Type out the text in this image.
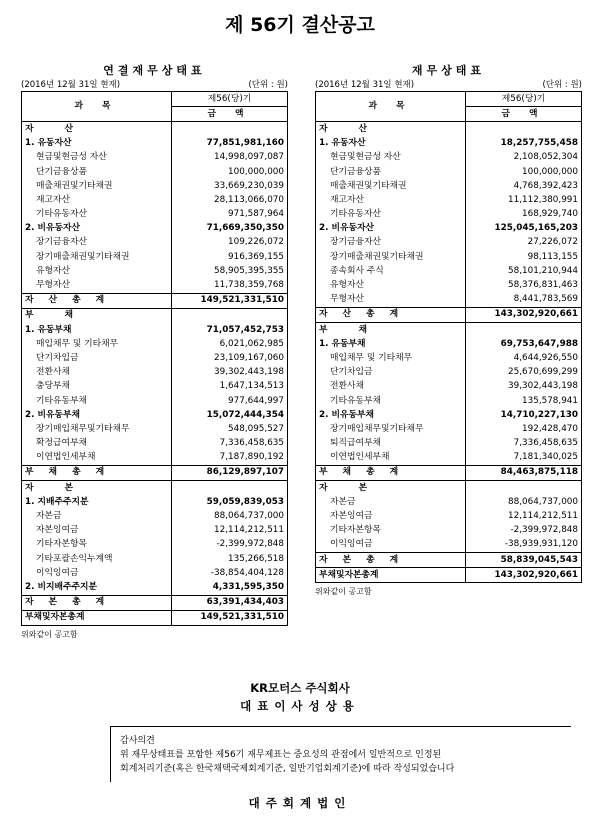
제 56기 결산공고
연결재무상태표
(2016년 12월 31일 현재)	(단위 : 원)
과 목	제56(당)기
	금 액
자 산	
1. 유동자산	77,851,981,160
현금및현금성 자산	14,998,097,087
단기금융상품	100,000,000
매출채권및기타채권	33,669,230,039
재고자산	28,113,066,070
기타유동자산	971,587,964
2. 비유동자산	71,669,350,350
장기금융자산	109,226,072
장기매출채권및기타채권	916,369,155
유형자산	58,905,395,355
무형자산	11,738,359,768
자 산 총 계	149,521,331,510
부 채	
1. 유동부채	71,057,452,753
매입채무 및 기타채무	6,021,062,985
단기차입금	23,109,167,060
전환사채	39,302,443,198
충당부채	1,647,134,513
기타유동부채	977,644,997
2. 비유동부채	15,072,444,354
장기매입채무및기타채무	548,095,527
확정급여부채	7,336,458,635
이연법인세부채	7,187,890,192
부 채 총 계	86,129,897,107
자 본	
1. 지배주주지분	59,059,839,053
자본금	88,064,737,000
자본잉여금	12,114,212,511
기타자본항목	-2,399,972,848
기타포괄손익누계액	135,266,518
이익잉여금	-38,854,404,128
2. 비지배주주지분	4,331,595,350
자 본 총 계	63,391,434,403
부채및자본총계	149,521,331,510
위와같이 공고함
재무상태표
(2016년 12월 31일 현재)	(단위 : 원)
과 목	제56(당)기
	금 액
자 산	
1. 유동자산	18,257,755,458
현금및현금성 자산	2,108,052,304
단기금융상품	100,000,000
매출채권및기타채권	4,768,392,423
재고자산	11,112,380,991
기타유동자산	168,929,740
2. 비유동자산	125,045,165,203
장기금융자산	27,226,072
장기매출채권및기타채권	98,113,155
종속회사 주식	58,101,210,944
유형자산	58,376,831,463
무형자산	8,441,783,569
자 산 총 계	143,302,920,661
부 채	
1. 유동부채	69,753,647,988
매입채무 및 기타채무	4,644,926,550
단기차입금	25,670,699,299
전환사채	39,302,443,198
기타유동부채	135,578,941
2. 비유동부채	14,710,227,130
장기매입채무및기타채무	192,428,470
퇴직급여부채	7,336,458,635
이연법인세부채	7,181,340,025
부 채 총 계	84,463,875,118
자 본	
자본금	88,064,737,000
자본잉여금	12,114,212,511
기타자본항목	-2,399,972,848
이익잉여금	-38,939,931,120
자 본 총 계	58,839,045,543
부채및자본총계	143,302,920,661
위와같이 공고함
KR모터스 주식회사
대표이사성상용
감사의견
위 재무상태표를 포함한 제56기 재무제표는 중요성의 관점에서 일반적으로 인정된
회계처리기준(혹은 한국채택국제회계기준, 일반기업회계기준)에 따라 작성되었습니다
대주회계법인
